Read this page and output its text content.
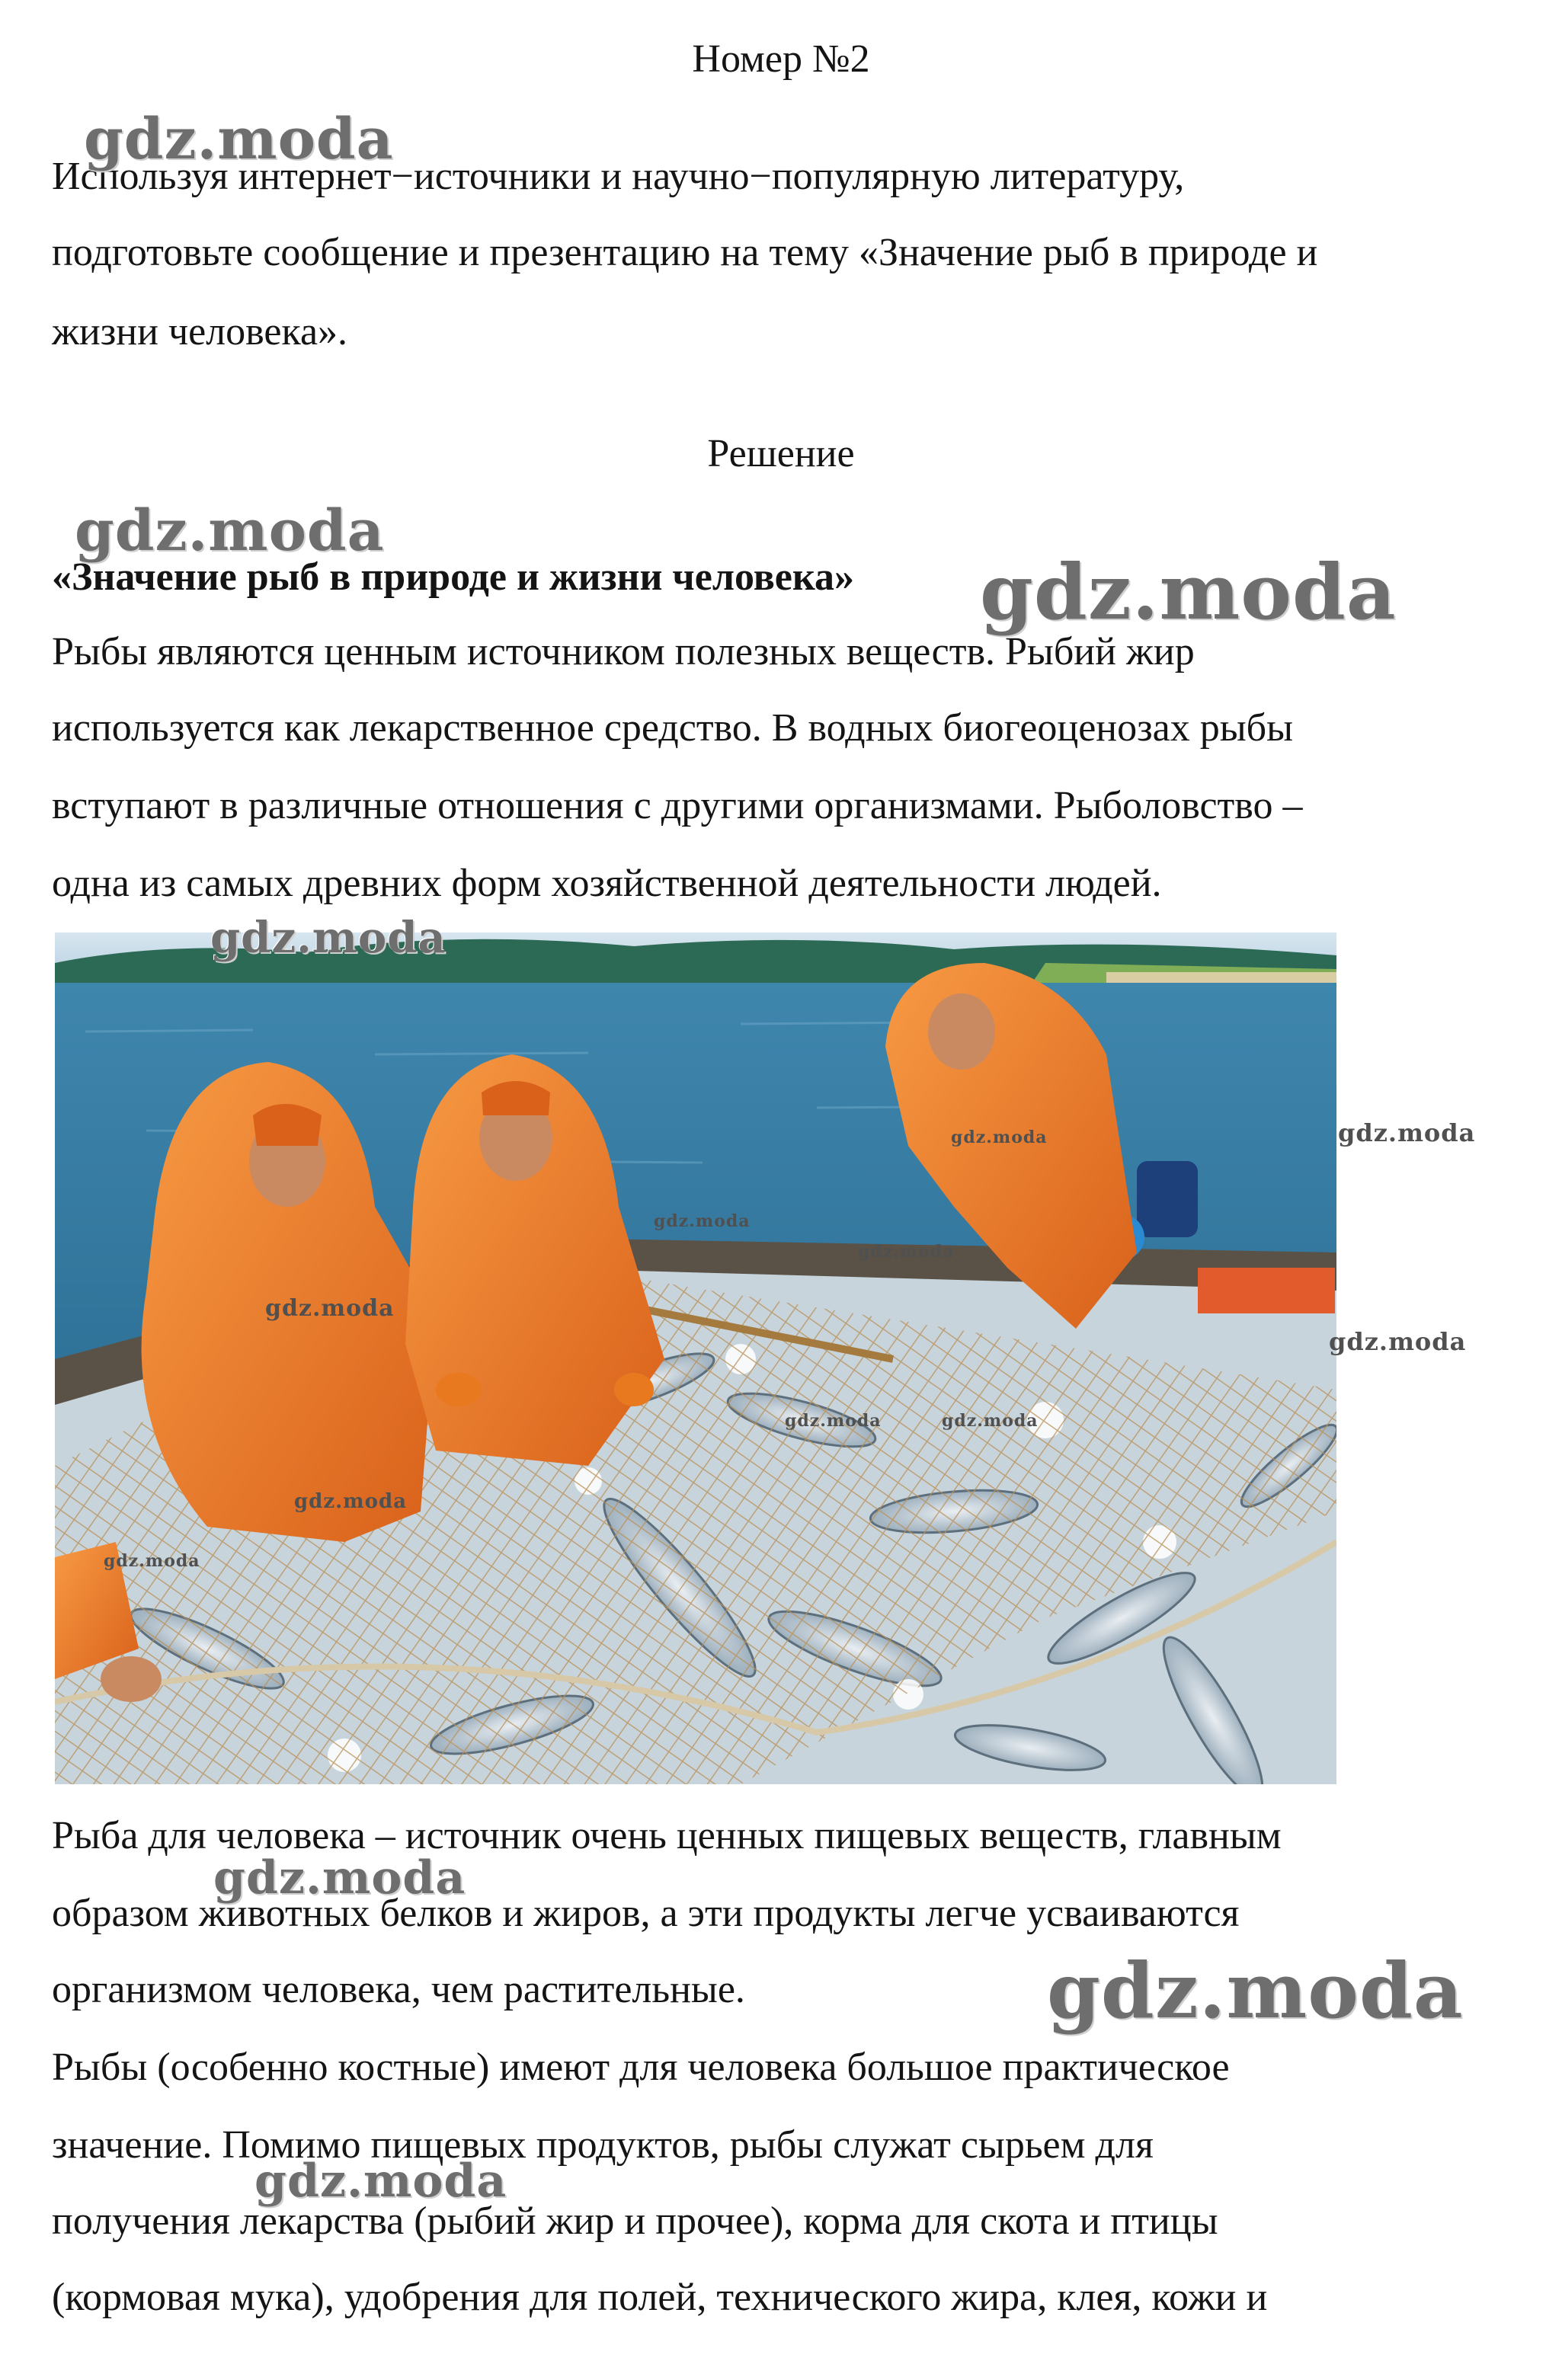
Номер №2
Используя интернет−источники и научно−популярную литературу,
подготовьте сообщение и презентацию на тему «Значение рыб в природе и
жизни человека».
Решение
«Значение рыб в природе и жизни человека»
Рыбы являются ценным источником полезных веществ. Рыбий жир
используется как лекарственное средство. В водных биогеоценозах рыбы
вступают в различные отношения с другими организмами. Рыболовство –
одна из самых древних форм хозяйственной деятельности людей.
Рыба для человека – источник очень ценных пищевых веществ, главным
образом животных белков и жиров, а эти продукты легче усваиваются
организмом человека, чем растительные.
Рыбы (особенно костные) имеют для человека большое практическое
значение. Помимо пищевых продуктов, рыбы служат сырьем для
получения лекарства (рыбий жир и прочее), корма для скота и птицы
(кормовая мука), удобрения для полей, технического жира, клея, кожи и
gdz.moda
gdz.moda
gdz.moda
gdz.moda
gdz.moda
gdz.moda
gdz.moda
gdz.moda
gdz.moda
gdz.moda
gdz.moda	gdz.moda
gdz.moda
gdz.moda
gdz.moda
gdz.moda
gdz.moda
